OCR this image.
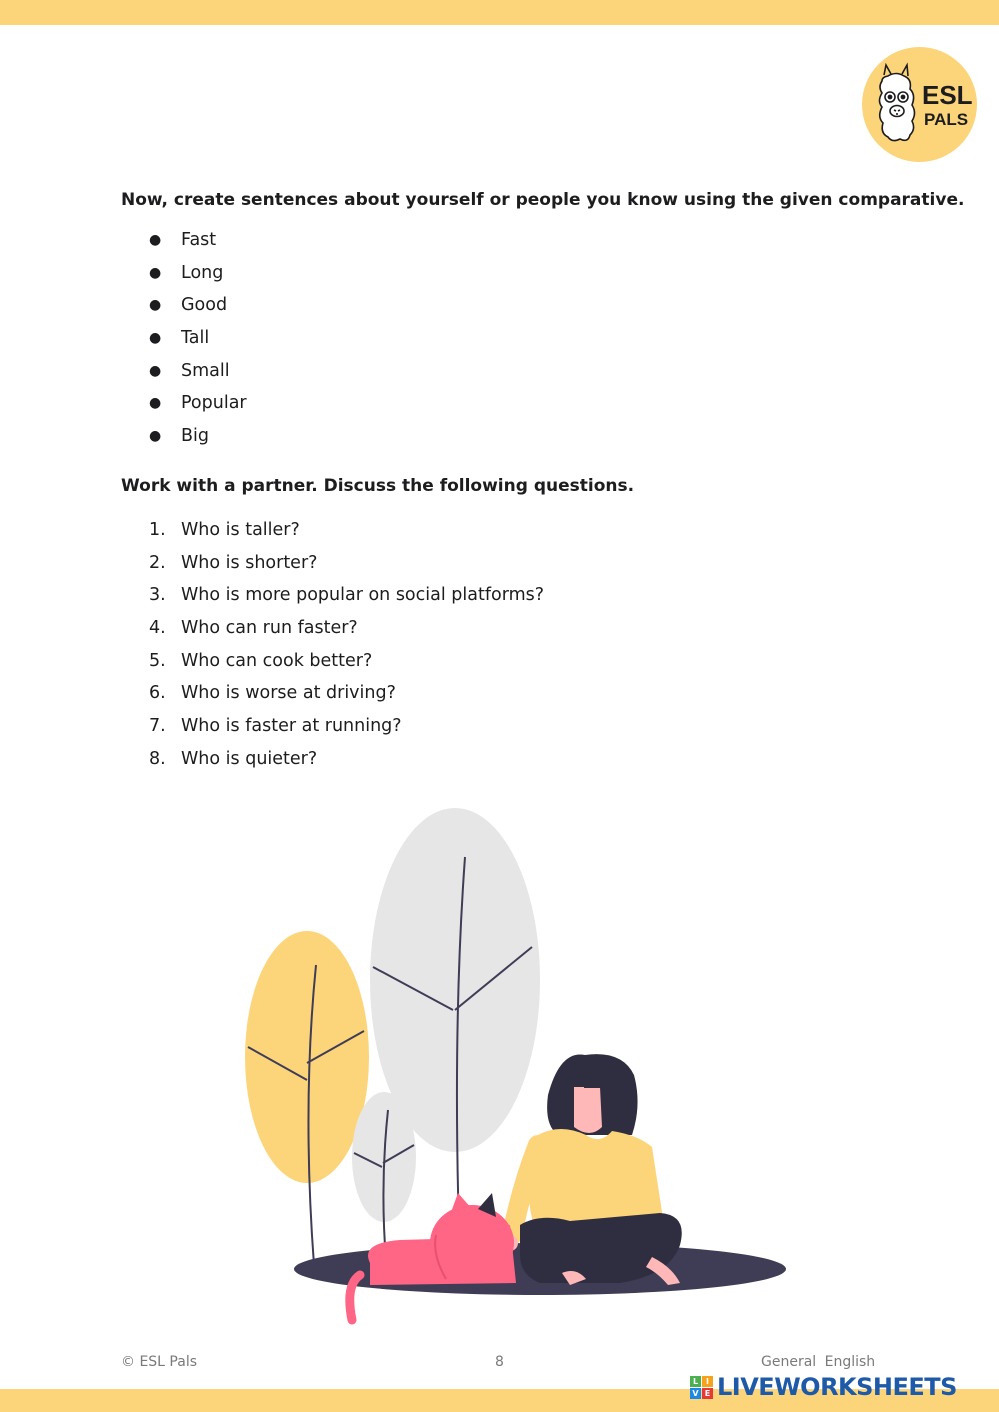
ESL
PALS

Now, create sentences about yourself or people you know using the given comparative.

●	Fast
●	Long
●	Good
●	Tall
●	Small
●	Popular
●	Big

Work with a partner. Discuss the following questions.

1. Who is taller?
2. Who is shorter?
3. Who is more popular on social platforms?
4. Who can run faster?
5. Who can cook better?
6. Who is worse at driving?
7. Who is faster at running?
8. Who is quieter?
© ESL Pals	8	General English
L I
V E LIVEWORKSHEETS
